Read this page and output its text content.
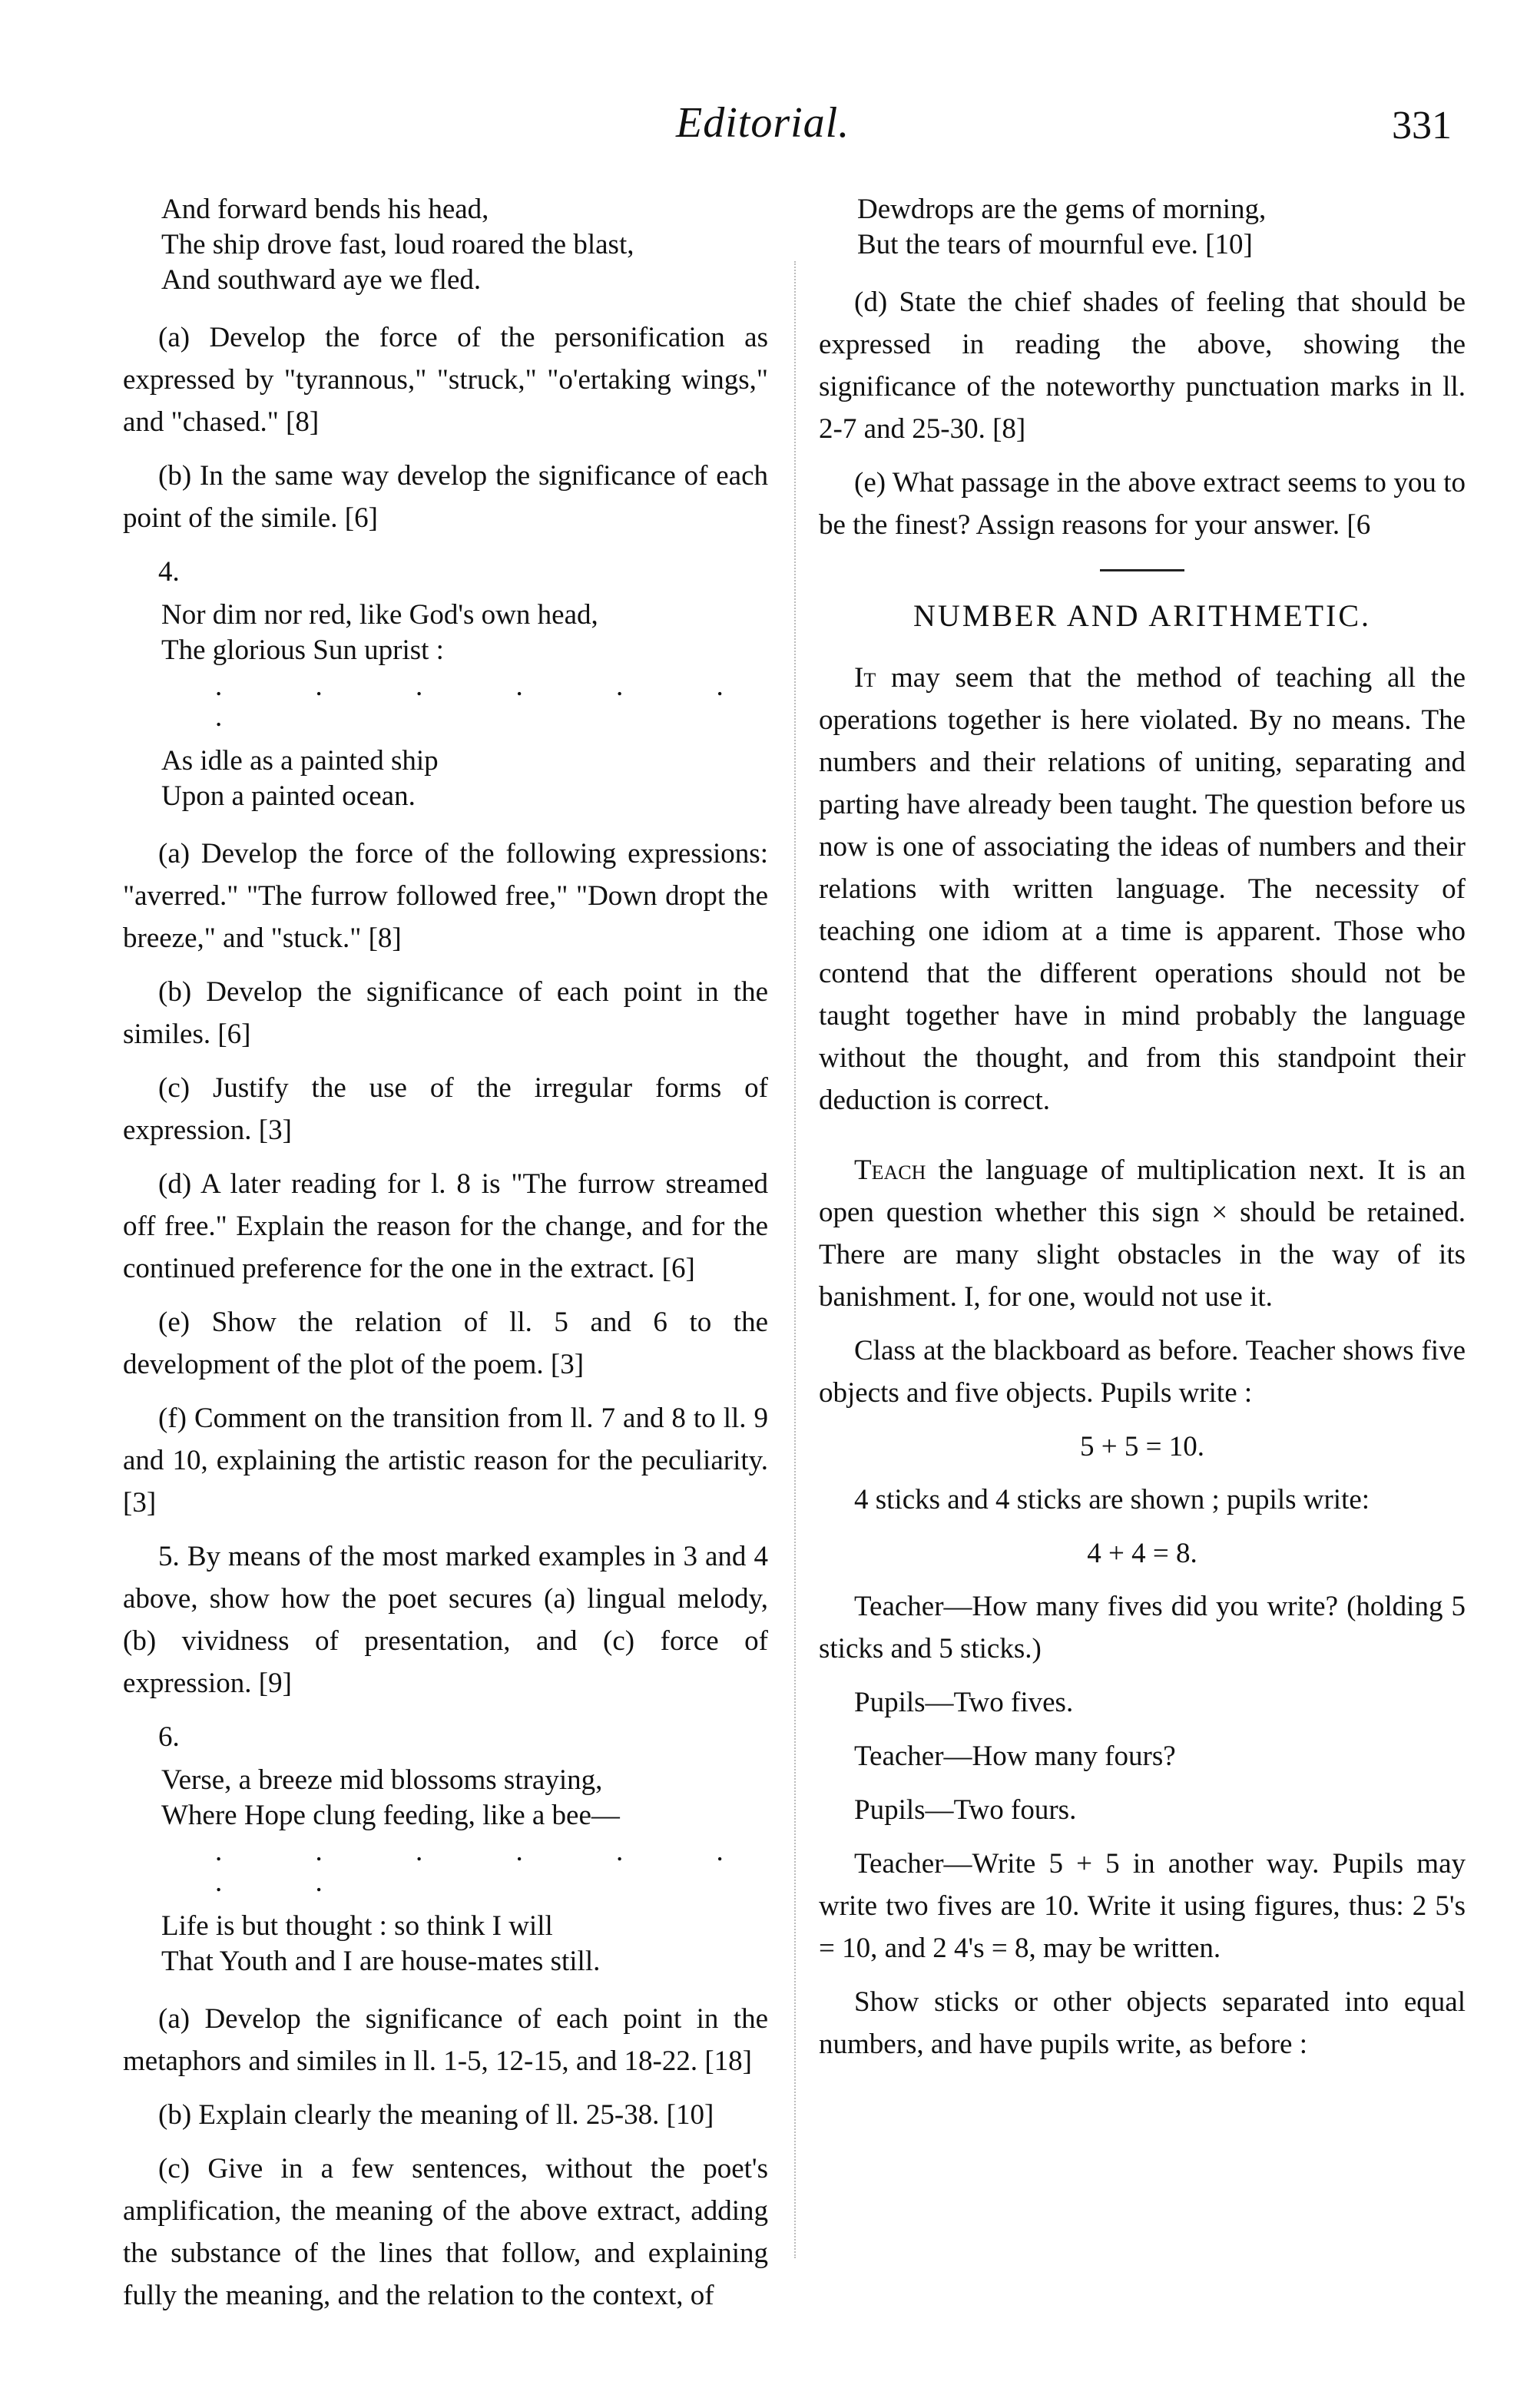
Editorial.	331
And forward bends his head,
The ship drove fast, loud roared the blast,
And southward aye we fled.

(a) Develop the force of the personification as expressed by "tyrannous," "struck," "o'ertaking wings," and "chased." [8]

(b) In the same way develop the significance of each point of the simile. [6]

4.
Nor dim nor red, like God's own head,
The glorious Sun uprist :
. . . . . . .
As idle as a painted ship
Upon a painted ocean.

(a) Develop the force of the following expressions: "averred." "The furrow followed free," "Down dropt the breeze," and "stuck." [8]

(b) Develop the significance of each point in the similes. [6]

(c) Justify the use of the irregular forms of expression. [3]

(d) A later reading for l. 8 is "The furrow streamed off free." Explain the reason for the change, and for the continued preference for the one in the extract. [6]

(e) Show the relation of ll. 5 and 6 to the development of the plot of the poem. [3]

(f) Comment on the transition from ll. 7 and 8 to ll. 9 and 10, explaining the artistic reason for the peculiarity. [3]

5. By means of the most marked examples in 3 and 4 above, show how the poet secures (a) lingual melody, (b) vividness of presentation, and (c) force of expression. [9]

6.
Verse, a breeze mid blossoms straying,
Where Hope clung feeding, like a bee—
. . . . . . . .
Life is but thought : so think I will
That Youth and I are house-mates still.

(a) Develop the significance of each point in the metaphors and similes in ll. 1-5, 12-15, and 18-22. [18]

(b) Explain clearly the meaning of ll. 25-38. [10]

(c) Give in a few sentences, without the poet's amplification, the meaning of the above extract, adding the substance of the lines that follow, and explaining fully the meaning, and the relation to the context, of

Dewdrops are the gems of morning,
But the tears of mournful eve. [10]

(d) State the chief shades of feeling that should be expressed in reading the above, showing the significance of the noteworthy punctuation marks in ll. 2-7 and 25-30. [8]

(e) What passage in the above extract seems to you to be the finest? Assign reasons for your answer. [6

NUMBER AND ARITHMETIC.

It may seem that the method of teaching all the operations together is here violated. By no means. The numbers and their relations of uniting, separating and parting have already been taught. The question before us now is one of associating the ideas of numbers and their relations with written language. The necessity of teaching one idiom at a time is apparent. Those who contend that the different operations should not be taught together have in mind probably the language without the thought, and from this standpoint their deduction is correct.

Teach the language of multiplication next. It is an open question whether this sign × should be retained. There are many slight obstacles in the way of its banishment. I, for one, would not use it.

Class at the blackboard as before. Teacher shows five objects and five objects. Pupils write :

5 + 5 = 10.

4 sticks and 4 sticks are shown ; pupils write:

4 + 4 = 8.

Teacher—How many fives did you write? (holding 5 sticks and 5 sticks.)

Pupils—Two fives.

Teacher—How many fours?

Pupils—Two fours.

Teacher—Write 5 + 5 in another way. Pupils may write two fives are 10. Write it using figures, thus: 2 5's = 10, and 2 4's = 8, may be written.

Show sticks or other objects separated into equal numbers, and have pupils write, as before :
